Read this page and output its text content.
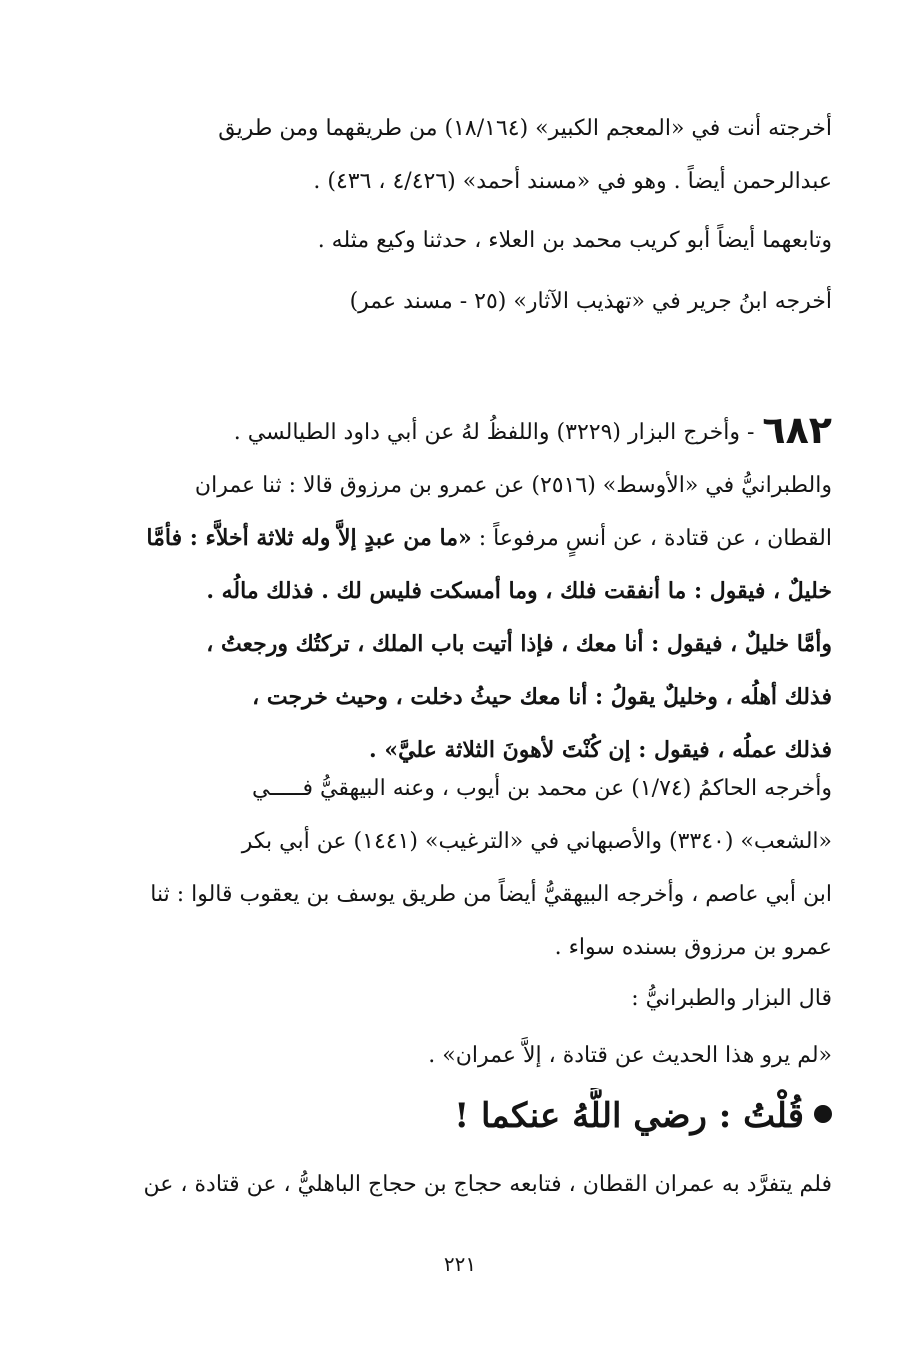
أخرجته أنت في «المعجم الكبير» (١٨/١٦٤) من طريقهما ومن طريق
عبدالرحمن أيضاً . وهو في «مسند أحمد» (٤/٤٢٦ ، ٤٣٦) .
وتابعهما أيضاً أبو كريب محمد بن العلاء ، حدثنا وكيع مثله .
أخرجه ابنُ جرير في «تهذيب الآثار» (٢٥ - مسند عمر)
٦٨٢- وأخرج البزار (٣٢٢٩) واللفظُ لهُ عن أبي داود الطيالسي .
والطبرانيُّ في «الأوسط» (٢٥١٦) عن عمرو بن مرزوق قالا : ثنا عمران
القطان ، عن قتادة ، عن أنسٍ مرفوعاً : «ما من عبدٍ إلاَّ وله ثلاثة أخلاَّء : فأمَّا
خليلٌ ، فيقول : ما أنفقت فلك ، وما أمسكت فليس لك . فذلك مالُه .
وأمَّا خليلٌ ، فيقول : أنا معك ، فإذا أتيت باب الملك ، تركتُك ورجعتُ ،
فذلك أهلُه ، وخليلٌ يقولُ : أنا معك حيثُ دخلت ، وحيث خرجت ،
فذلك عملُه ، فيقول : إن كُنْتَ لأهونَ الثلاثة عليَّ» .
وأخرجه الحاكمُ (١/٧٤) عن محمد بن أيوب ، وعنه البيهقيُّ فـــــي
«الشعب» (٣٣٤٠) والأصبهاني في «الترغيب» (١٤٤١) عن أبي بكر
ابن أبي عاصم ، وأخرجه البيهقيُّ أيضاً من طريق يوسف بن يعقوب قالوا : ثنا
عمرو بن مرزوق بسنده سواء .
قال البزار والطبرانيُّ :
«لم يرو هذا الحديث عن قتادة ، إلاَّ عمران» .
قُلْتُ : رضي اللَّهُ عنكما !
فلم يتفرَّد به عمران القطان ، فتابعه حجاج بن حجاج الباهليُّ ، عن قتادة ، عن
٢٢١
